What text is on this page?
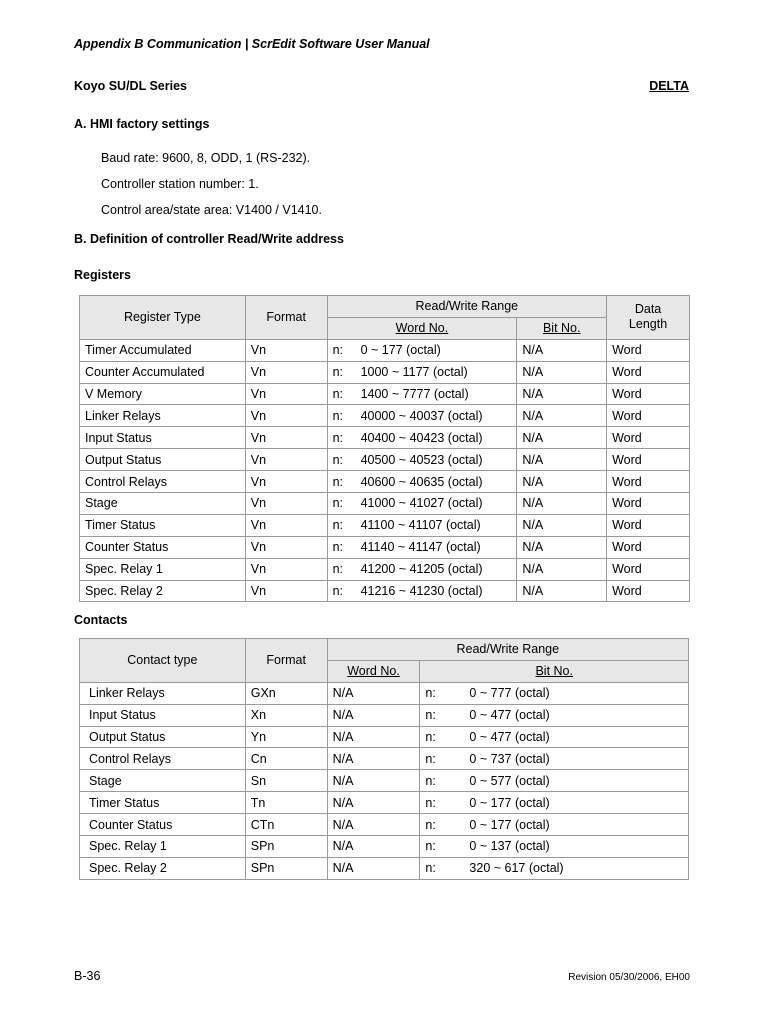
Appendix B Communication | ScrEdit Software User Manual
Koyo SU/DL Series	DELTA
A. HMI factory settings
Baud rate: 9600, 8, ODD, 1 (RS-232).
Controller station number: 1.
Control area/state area: V1400 / V1410.
B. Definition of controller Read/Write address
Registers
Register Type	Format	Read/Write Range		Data Length
		Word No.	Bit No.	
Timer Accumulated	Vn	n: 0 ~ 177 (octal)	N/A	Word
Counter Accumulated	Vn	n: 1000 ~ 1177 (octal)	N/A	Word
V Memory	Vn	n: 1400 ~ 7777 (octal)	N/A	Word
Linker Relays	Vn	n: 40000 ~ 40037 (octal)	N/A	Word
Input Status	Vn	n: 40400 ~ 40423 (octal)	N/A	Word
Output Status	Vn	n: 40500 ~ 40523 (octal)	N/A	Word
Control Relays	Vn	n: 40600 ~ 40635 (octal)	N/A	Word
Stage	Vn	n: 41000 ~ 41027 (octal)	N/A	Word
Timer Status	Vn	n: 41100 ~ 41107 (octal)	N/A	Word
Counter Status	Vn	n: 41140 ~ 41147 (octal)	N/A	Word
Spec. Relay 1	Vn	n: 41200 ~ 41205 (octal)	N/A	Word
Spec. Relay 2	Vn	n: 41216 ~ 41230 (octal)	N/A	Word
Contacts
Contact type	Format	Read/Write Range	
		Word No.	Bit No.
Linker Relays	GXn	N/A	n: 0 ~ 777 (octal)
Input Status	Xn	N/A	n: 0 ~ 477 (octal)
Output Status	Yn	N/A	n: 0 ~ 477 (octal)
Control Relays	Cn	N/A	n: 0 ~ 737 (octal)
Stage	Sn	N/A	n: 0 ~ 577 (octal)
Timer Status	Tn	N/A	n: 0 ~ 177 (octal)
Counter Status	CTn	N/A	n: 0 ~ 177 (octal)
Spec. Relay 1	SPn	N/A	n: 0 ~ 137 (octal)
Spec. Relay 2	SPn	N/A	n: 320 ~ 617 (octal)
B-36	Revision 05/30/2006, EH00
